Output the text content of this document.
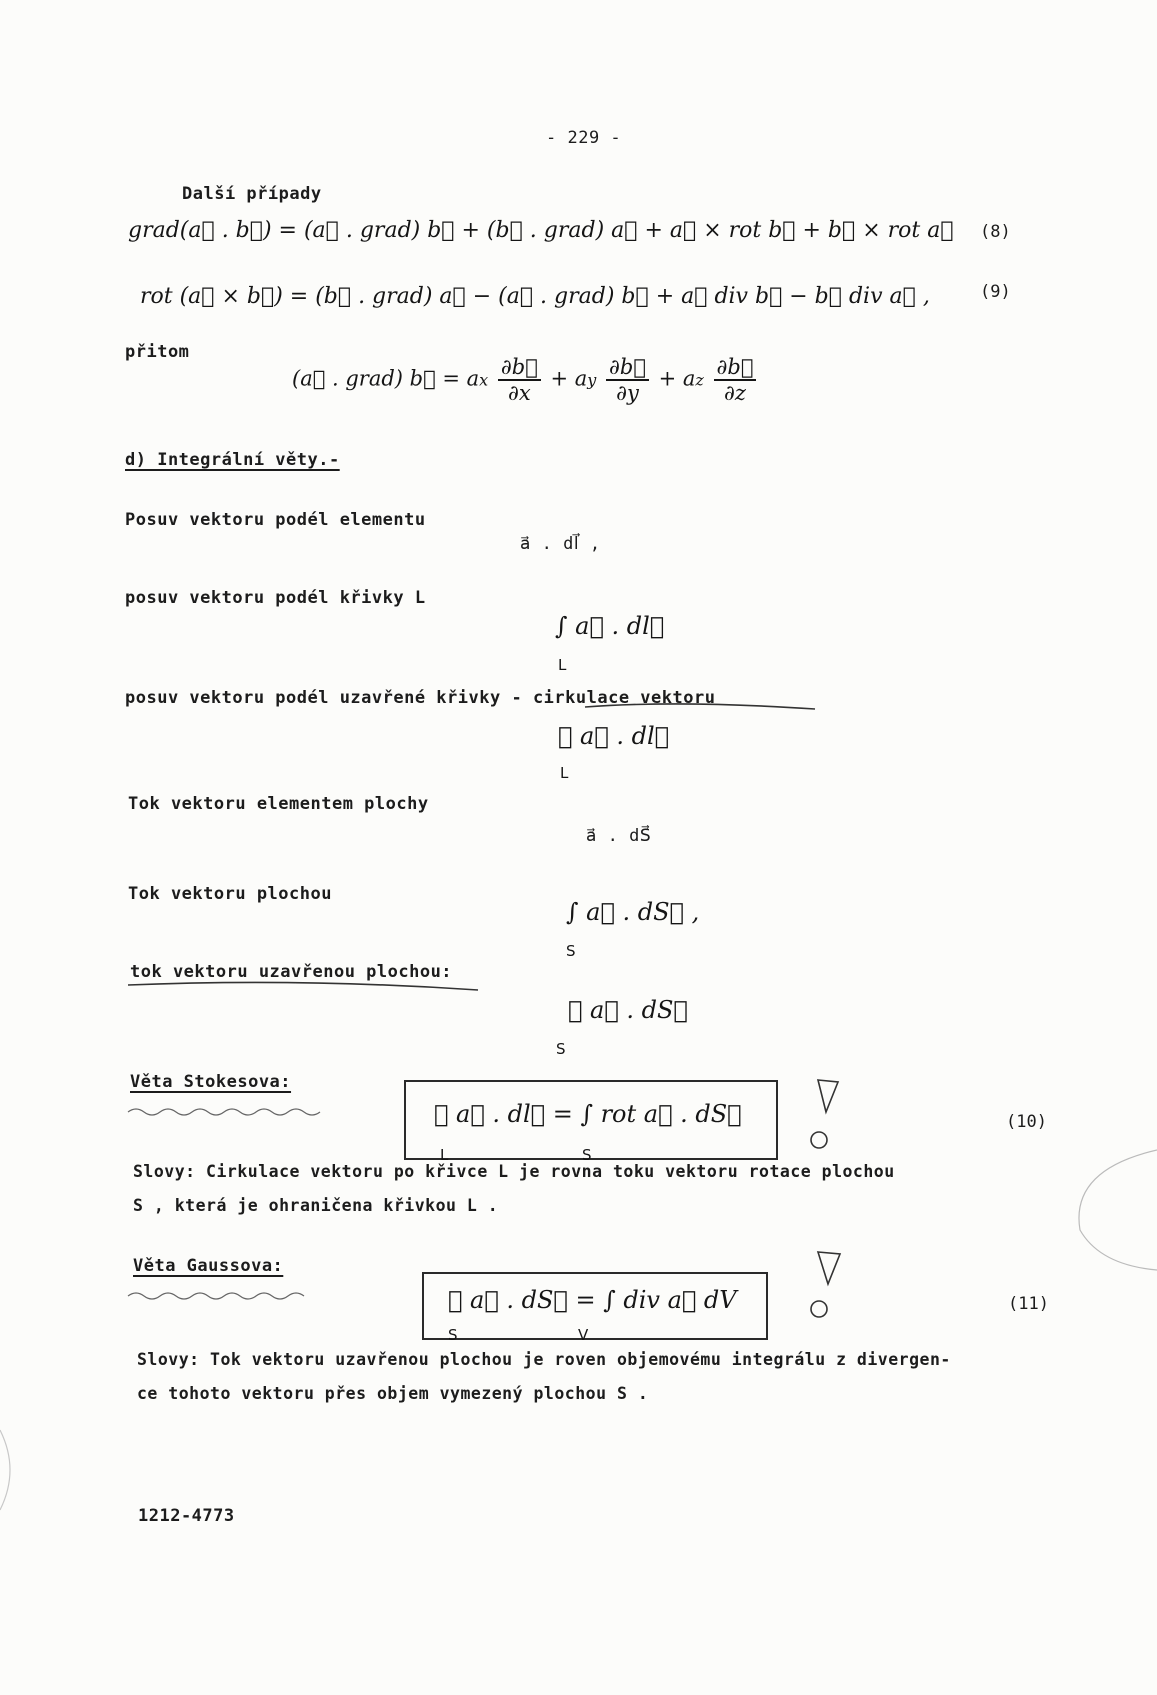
- 229 -
Další případy
grad(a⃗ . b⃗) = (a⃗ . grad) b⃗ + (b⃗ . grad) a⃗ + a⃗ × rot b⃗ + b⃗ × rot a⃗ (8)
rot (a⃗ × b⃗) = (b⃗ . grad) a⃗ − (a⃗ . grad) b⃗ + a⃗ div b⃗ − b⃗ div a⃗ ,	(9)
přitom
(a⃗ . grad) b⃗ = ax $\frac{\partial b⃗}{\partial x}$ + ay $\frac{\partial b⃗}{\partial y}$ + az $\frac{\partial b⃗}{\partial z}$
d) Integrální věty.-
Posuv vektoru podél elementu
a⃗ . dl⃗ ,
posuv vektoru podél křivky L
∫ a⃗ . dl⃗
L
posuv vektoru podél uzavřené křivky - cirkulace vektoru
∮ a⃗ . dl⃗
L
Tok vektoru elementem plochy
a⃗ . dS⃗
Tok vektoru plochou
∫ a⃗ . dS⃗ ,
S
tok vektoru uzavřenou plochou:
∮ a⃗ . dS⃗
S
Věta Stokesova:
∮ a⃗ . dl⃗ = ∫ rot a⃗ . dS⃗
L	S
(10)
Slovy: Cirkulace vektoru po křivce L je rovna toku vektoru rotace plochou
S , která je ohraničena křivkou L .
Věta Gaussova:
∮ a⃗ . dS⃗ = ∫ div a⃗ dV
S	V
(11)
Slovy: Tok vektoru uzavřenou plochou je roven objemovému integrálu z divergen-
ce tohoto vektoru přes objem vymezený plochou S .
1212-4773
